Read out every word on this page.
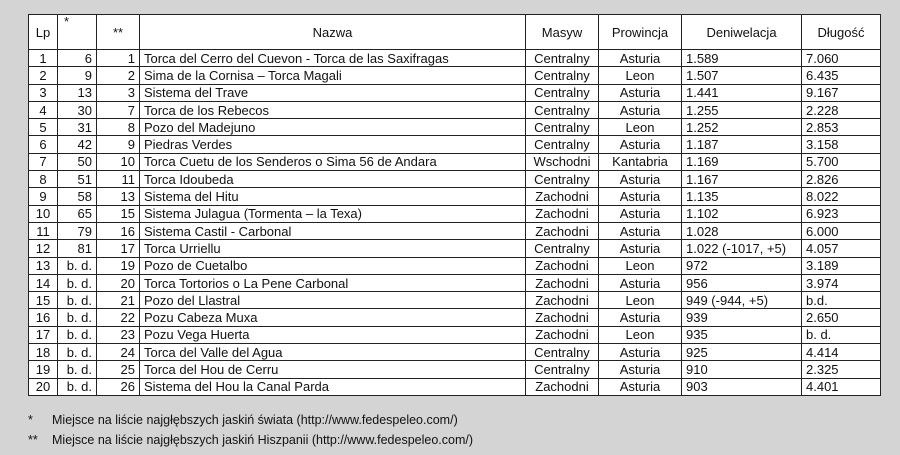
Lp	*	**	Nazwa	Masyw	Prowincja	Deniwelacja	Długość
1	6	1	Torca del Cerro del Cuevon - Torca de las Saxifragas	Centralny	Asturia	1.589	7.060
2	9	2	Sima de la Cornisa – Torca Magali	Centralny	Leon	1.507	6.435
3	13	3	Sistema del Trave	Centralny	Asturia	1.441	9.167
4	30	7	Torca de los Rebecos	Centralny	Asturia	1.255	2.228
5	31	8	Pozo del Madejuno	Centralny	Leon	1.252	2.853
6	42	9	Piedras Verdes	Centralny	Asturia	1.187	3.158
7	50	10	Torca Cuetu de los Senderos o Sima 56 de Andara	Wschodni	Kantabria	1.169	5.700
8	51	11	Torca Idoubeda	Centralny	Asturia	1.167	2.826
9	58	13	Sistema del Hitu	Zachodni	Asturia	1.135	8.022
10	65	15	Sistema Julagua (Tormenta – la Texa)	Zachodni	Asturia	1.102	6.923
11	79	16	Sistema Castil - Carbonal	Zachodni	Asturia	1.028	6.000
12	81	17	Torca Urriellu	Centralny	Asturia	1.022 (-1017, +5)	4.057
13	b. d.	19	Pozo de Cuetalbo	Zachodni	Leon	972	3.189
14	b. d.	20	Torca Tortorios o La Pene Carbonal	Zachodni	Asturia	956	3.974
15	b. d.	21	Pozo del Llastral	Zachodni	Leon	949 (-944, +5)	b.d.
16	b. d.	22	Pozu Cabeza Muxa	Zachodni	Asturia	939	2.650
17	b. d.	23	Pozu Vega Huerta	Zachodni	Leon	935	b. d.
18	b. d.	24	Torca del Valle del Agua	Centralny	Asturia	925	4.414
19	b. d.	25	Torca del Hou de Cerru	Centralny	Asturia	910	2.325
20	b. d.	26	Sistema del Hou la Canal Parda	Zachodni	Asturia	903	4.401
*	Miejsce na liście najgłębszych jaskiń świata (http://www.fedespeleo.com/)
**	Miejsce na liście najgłębszych jaskiń Hiszpanii (http://www.fedespeleo.com/)
